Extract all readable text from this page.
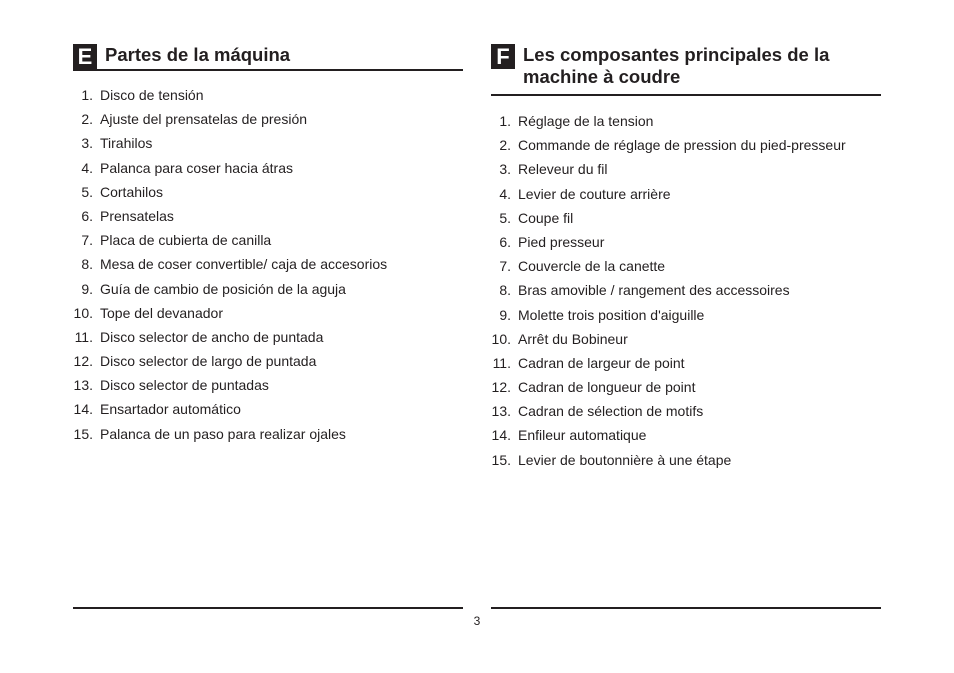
E Partes de la máquina
1. Disco de tensión
2. Ajuste del prensatelas de presión
3. Tirahilos
4. Palanca para coser hacia átras
5. Cortahilos
6. Prensatelas
7. Placa de cubierta de canilla
8. Mesa de coser convertible/ caja de accesorios
9. Guía de cambio de posición de la aguja
10. Tope del devanador
11. Disco selector de ancho de puntada
12. Disco selector de largo de puntada
13. Disco selector de puntadas
14. Ensartador automático
15. Palanca de un paso para realizar ojales
F Les composantes principales de la
machine à coudre
1. Réglage de la tension
2. Commande de réglage de pression du pied-presseur
3. Releveur du fil
4. Levier de couture arrière
5. Coupe fil
6. Pied presseur
7. Couvercle de la canette
8. Bras amovible / rangement des accessoires
9. Molette trois position d'aiguille
10. Arrêt du Bobineur
11. Cadran de largeur de point
12. Cadran de longueur de point
13. Cadran de sélection de motifs
14. Enfileur automatique
15. Levier de boutonnière à une étape
3
